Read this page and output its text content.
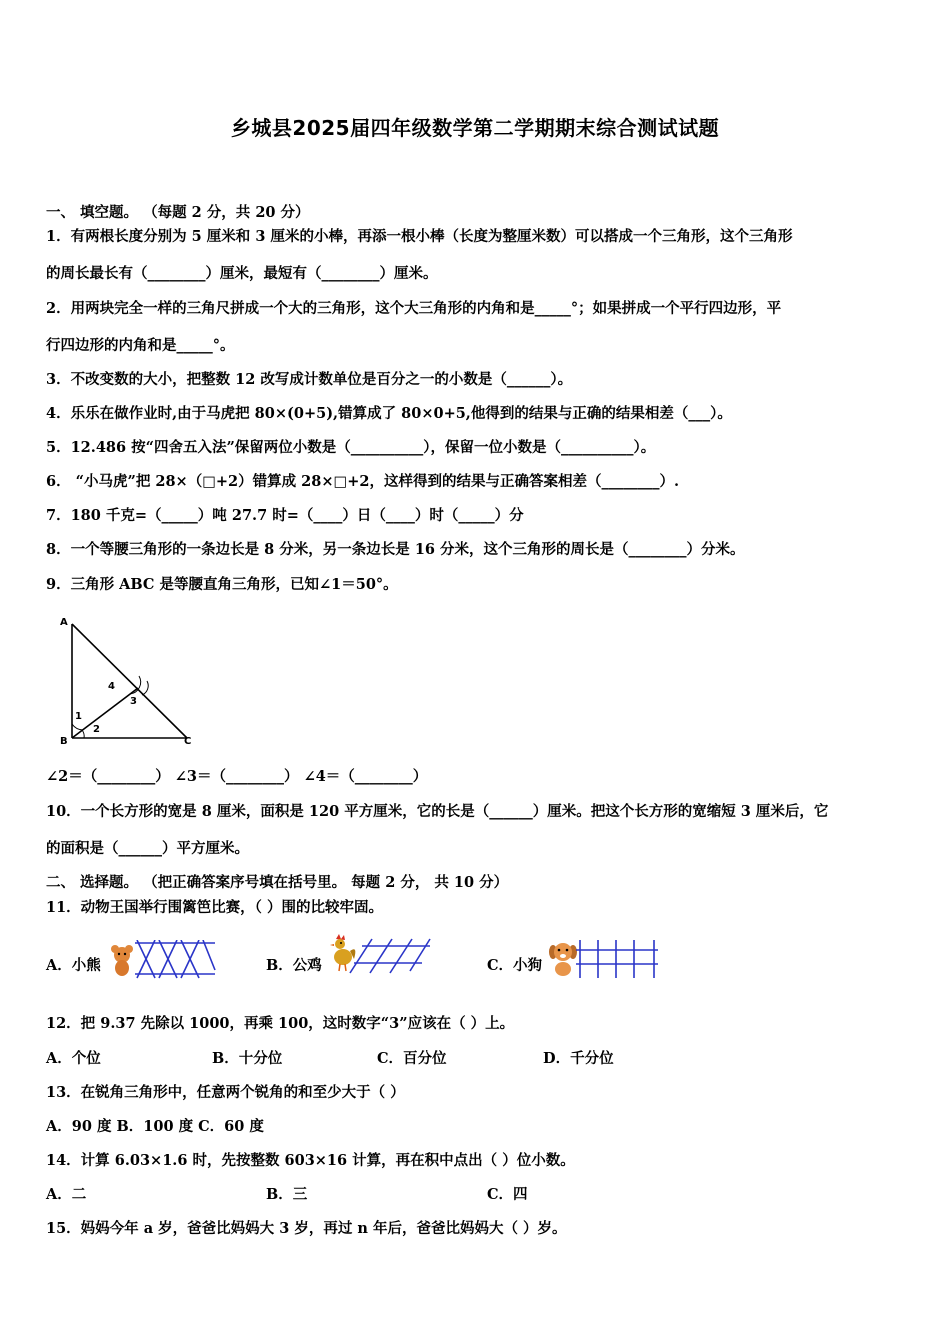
乡城县2025届四年级数学第二学期期末综合测试试题
一、 填空题。 （每题 2 分，共 20 分）
1．有两根长度分别为 5 厘米和 3 厘米的小棒，再添一根小棒（长度为整厘米数）可以搭成一个三角形，这个三角形
的周长最长有（________）厘米，最短有（________）厘米。
2．用两块完全一样的三角尺拼成一个大的三角形，这个大三角形的内角和是_____°；如果拼成一个平行四边形，平
行四边形的内角和是_____°。
3．不改变数的大小，把整数 12 改写成计数单位是百分之一的小数是（______）。
4．乐乐在做作业时,由于马虎把 80×(0+5),错算成了 80×0+5,他得到的结果与正确的结果相差（___）。
5．12.486 按“四舍五入法”保留两位小数是（__________），保留一位小数是（__________）。
6． “小马虎”把 28×（□+2）错算成 28×□+2，这样得到的结果与正确答案相差（________）.
7．180 千克=（_____）吨 27.7 时=（____）日（____）时（_____）分
8．一个等腰三角形的一条边长是 8 分米，另一条边长是 16 分米，这个三角形的周长是（________）分米。
9．三角形 ABC 是等腰直角三角形，已知∠1＝50°。
A
B	C
1
2
3
4
∠2＝（________） ∠3＝（________） ∠4＝（________）
10．一个长方形的宽是 8 厘米，面积是 120 平方厘米，它的长是（______）厘米。把这个长方形的宽缩短 3 厘米后，它
的面积是（______）平方厘米。
二、 选择题。 （把正确答案序号填在括号里。 每题 2 分， 共 10 分）
11．动物王国举行围篱笆比赛，（ ）围的比较牢固。
A．小熊	B．公鸡	C．小狗
12．把 9.37 先除以 1000，再乘 100，这时数字“3”应该在（ ）上。
A．个位	B．十分位	C．百分位	D．千分位
13．在锐角三角形中，任意两个锐角的和至少大于（ ）
A．90 度 B．100 度 C．60 度
14．计算 6.03×1.6 时，先按整数 603×16 计算，再在积中点出（ ）位小数。
A．二	B．三	C．四
15．妈妈今年 a 岁，爸爸比妈妈大 3 岁，再过 n 年后，爸爸比妈妈大（ ）岁。
